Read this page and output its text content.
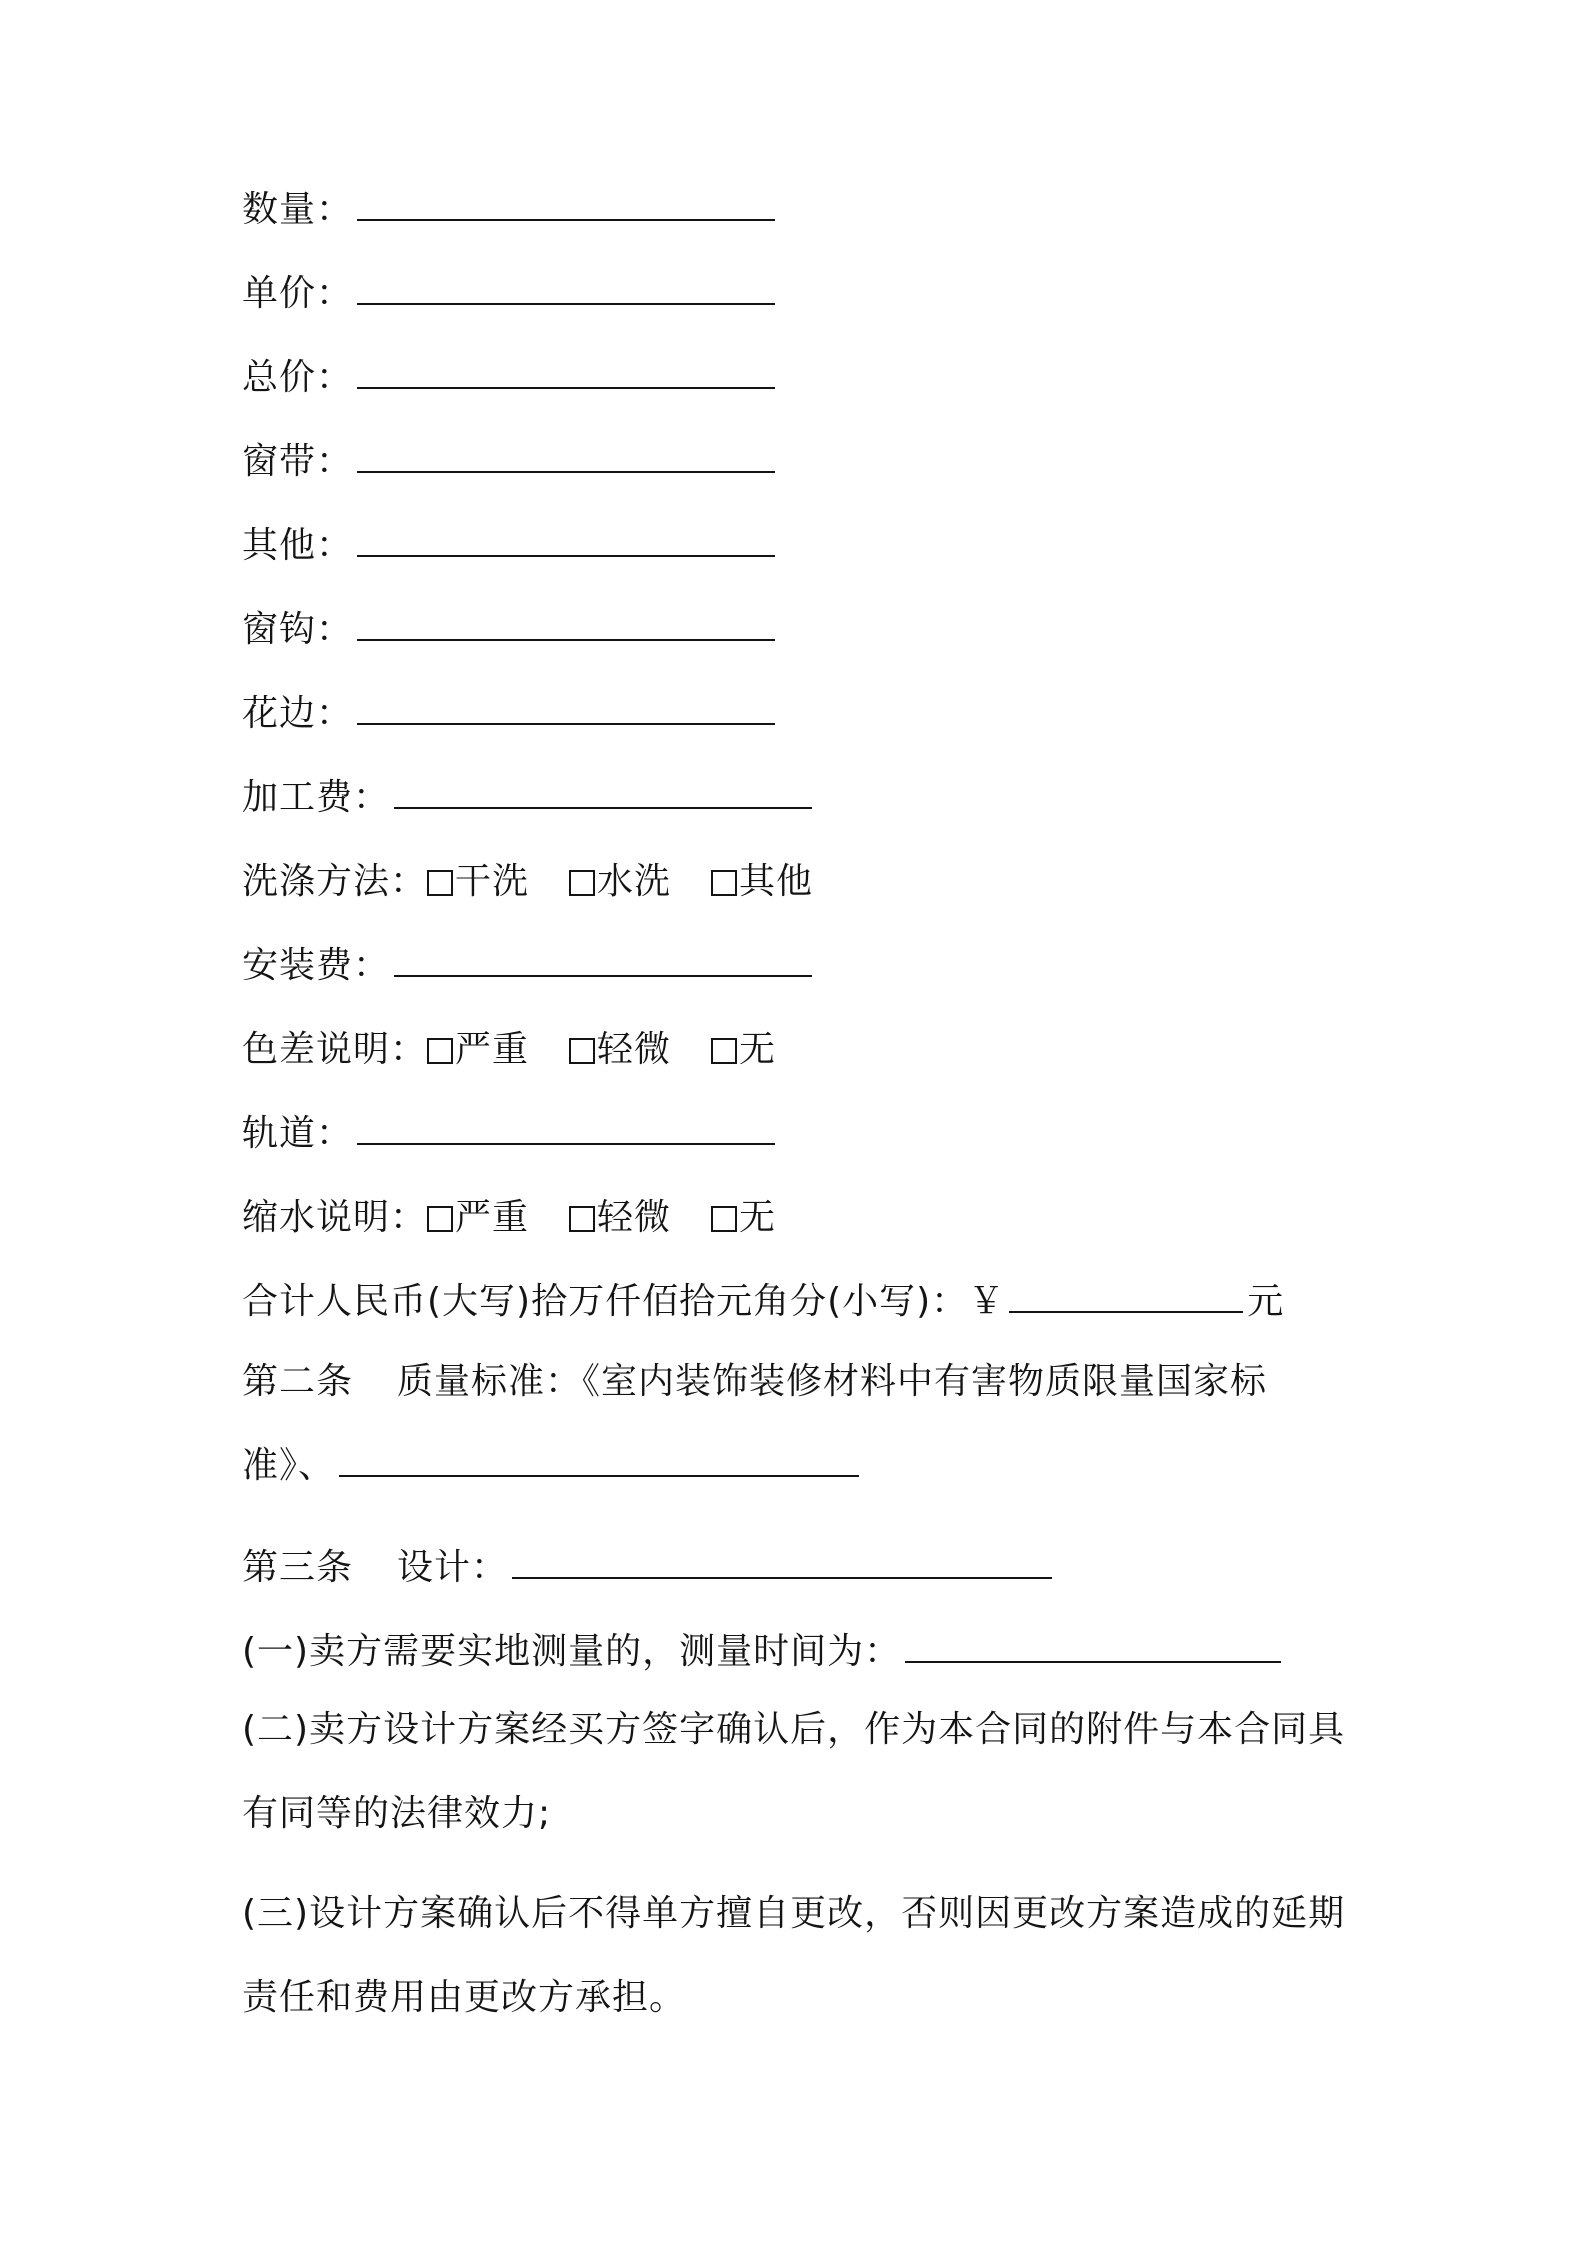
数量：
单价：
总价：
窗带：
其他：
窗钩：
花边：
加工费：
洗涤方法： 干洗 水洗 其他
安装费：
色差说明： 严重 轻微 无
轨道：
缩水说明： 严重 轻微 无
合计人民币(大写)拾万仟佰拾元角分(小写)：￥	元
第二条 质量标准：《室内装饰装修材料中有害物质限量国家标
准》、
第三条 设计：
(一)卖方需要实地测量的，测量时间为：
(二)卖方设计方案经买方签字确认后，作为本合同的附件与本合同具有同等的法律效力;
(三)设计方案确认后不得单方擅自更改，否则因更改方案造成的延期责任和费用由更改方承担。
